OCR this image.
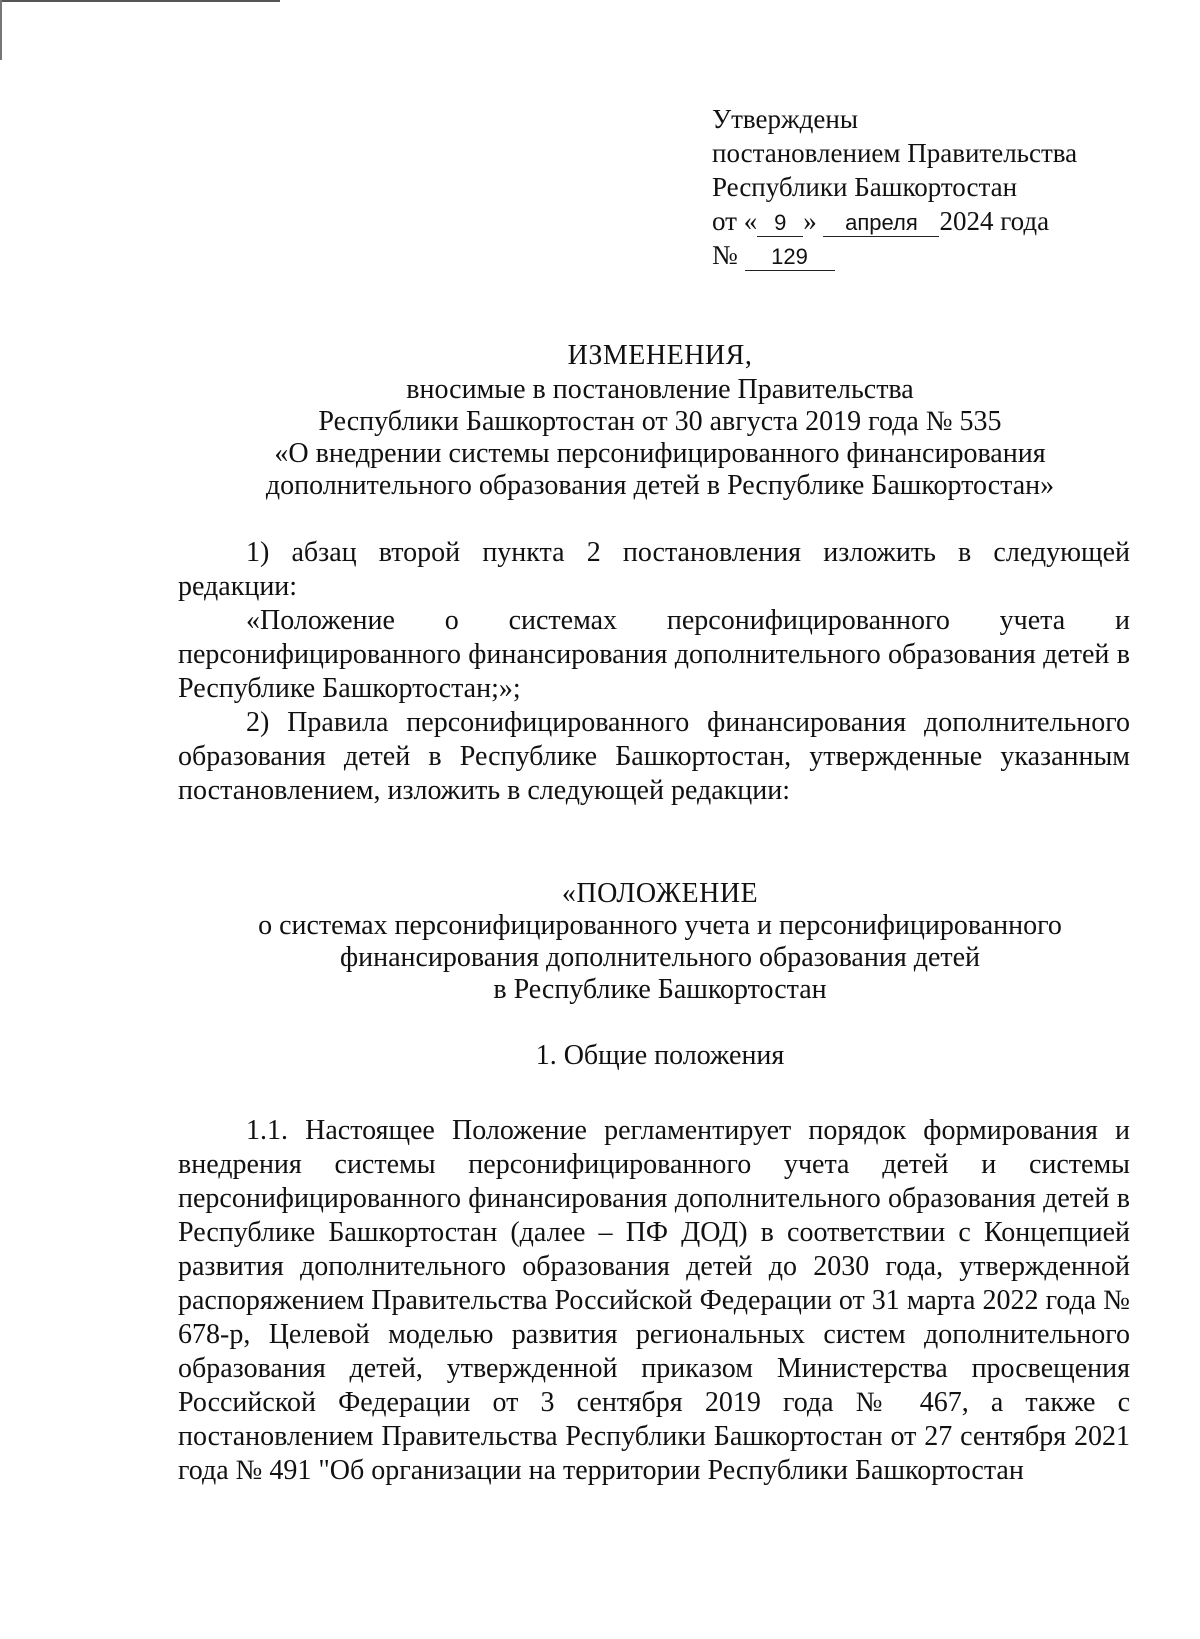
Утверждены
постановлением Правительства
Республики Башкортостан
от « 9 » апреля 2024 года
№ 129
ИЗМЕНЕНИЯ,
вносимые в постановление Правительства
Республики Башкортостан от 30 августа 2019 года № 535
«О внедрении системы персонифицированного финансирования
дополнительного образования детей в Республике Башкортостан»

1) абзац второй пункта 2 постановления изложить в следующей редакции:

«Положение о системах персонифицированного учета и персонифицированного финансирования дополнительного образования детей в Республике Башкортостан;»;

2) Правила персонифицированного финансирования дополнительного образования детей в Республике Башкортостан, утвержденные указанным постановлением, изложить в следующей редакции:

«ПОЛОЖЕНИЕ
о системах персонифицированного учета и персонифицированного
финансирования дополнительного образования детей
в Республике Башкортостан
1. Общие положения

1.1. Настоящее Положение регламентирует порядок формирования и внедрения системы персонифицированного учета детей и системы персонифицированного финансирования дополнительного образования детей в Республике Башкортостан (далее – ПФ ДОД) в соответствии с Концепцией развития дополнительного образования детей до 2030 года, утвержденной распоряжением Правительства Российской Федерации от 31 марта 2022 года № 678-р, Целевой моделью развития региональных систем дополнительного образования детей, утвержденной приказом Министерства просвещения Российской Федерации от 3 сентября 2019 года № 467, а также с постановлением Правительства Республики Башкортостан от 27 сентября 2021 года № 491 "Об организации на территории Республики Башкортостан
